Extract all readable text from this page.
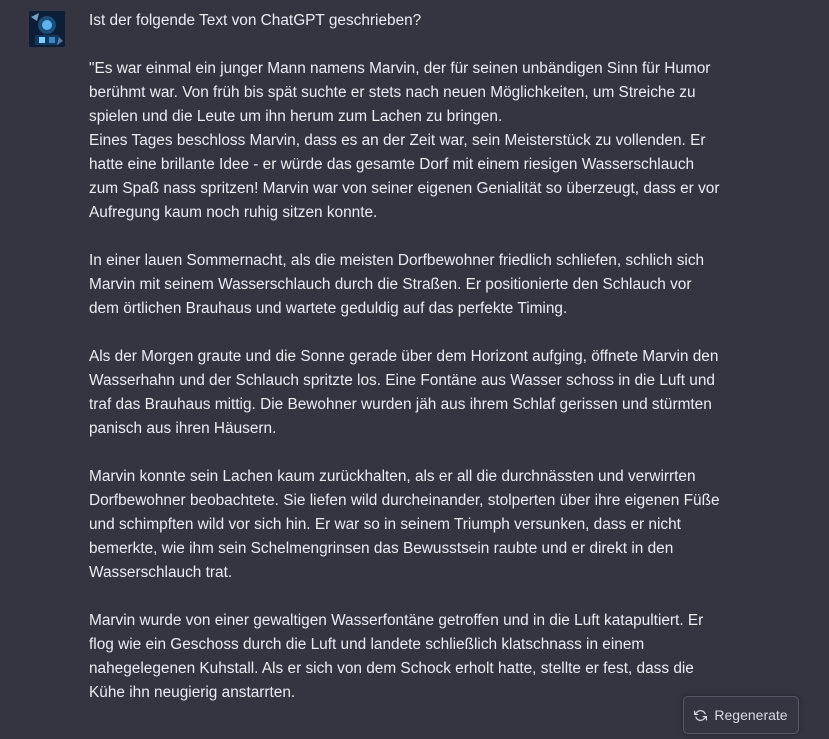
Ist der folgende Text von ChatGPT geschrieben?

"Es war einmal ein junger Mann namens Marvin, der für seinen unbändigen Sinn für Humor
berühmt war. Von früh bis spät suchte er stets nach neuen Möglichkeiten, um Streiche zu
spielen und die Leute um ihn herum zum Lachen zu bringen.
Eines Tages beschloss Marvin, dass es an der Zeit war, sein Meisterstück zu vollenden. Er
hatte eine brillante Idee - er würde das gesamte Dorf mit einem riesigen Wasserschlauch
zum Spaß nass spritzen! Marvin war von seiner eigenen Genialität so überzeugt, dass er vor
Aufregung kaum noch ruhig sitzen konnte.

In einer lauen Sommernacht, als die meisten Dorfbewohner friedlich schliefen, schlich sich
Marvin mit seinem Wasserschlauch durch die Straßen. Er positionierte den Schlauch vor
dem örtlichen Brauhaus und wartete geduldig auf das perfekte Timing.

Als der Morgen graute und die Sonne gerade über dem Horizont aufging, öffnete Marvin den
Wasserhahn und der Schlauch spritzte los. Eine Fontäne aus Wasser schoss in die Luft und
traf das Brauhaus mittig. Die Bewohner wurden jäh aus ihrem Schlaf gerissen und stürmten
panisch aus ihren Häusern.

Marvin konnte sein Lachen kaum zurückhalten, als er all die durchnässten und verwirrten
Dorfbewohner beobachtete. Sie liefen wild durcheinander, stolperten über ihre eigenen Füße
und schimpften wild vor sich hin. Er war so in seinem Triumph versunken, dass er nicht
bemerkte, wie ihm sein Schelmengrinsen das Bewusstsein raubte und er direkt in den
Wasserschlauch trat.

Marvin wurde von einer gewaltigen Wasserfontäne getroffen und in die Luft katapultiert. Er
flog wie ein Geschoss durch die Luft und landete schließlich klatschnass in einem
nahegelegenen Kuhstall. Als er sich von dem Schock erholt hatte, stellte er fest, dass die
Kühe ihn neugierig anstarrten.

Regenerate
